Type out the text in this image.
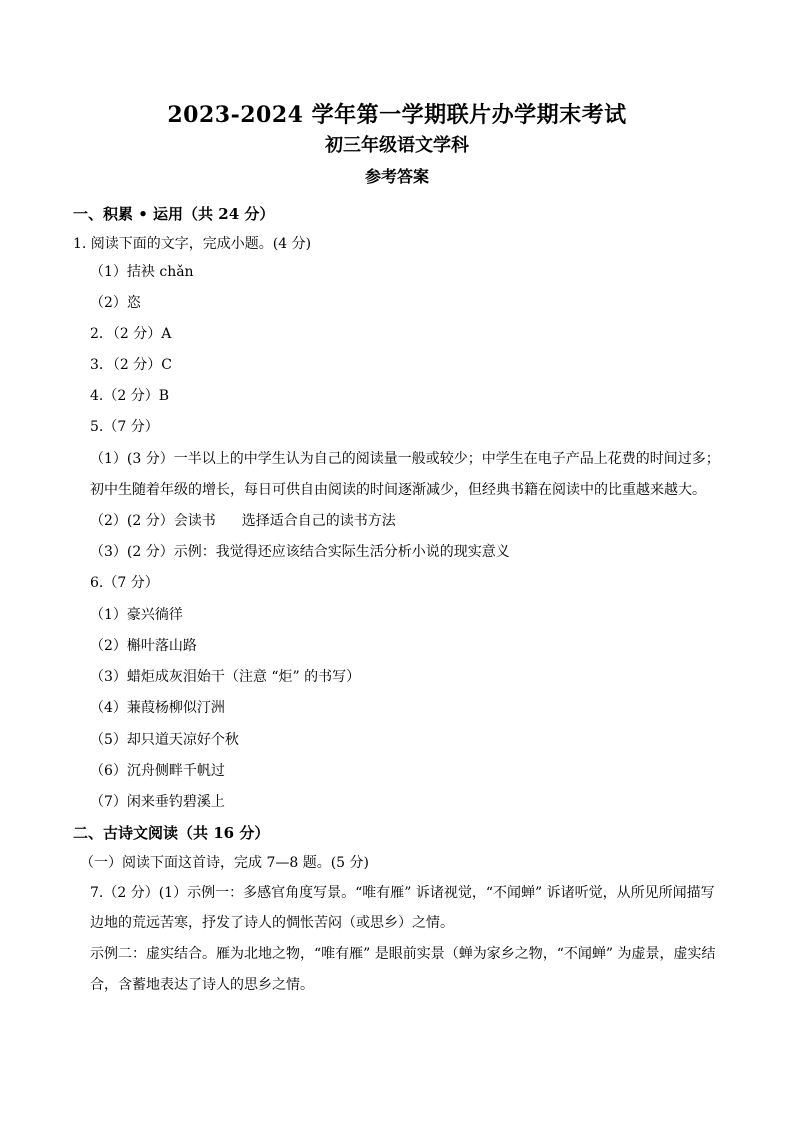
2023-2024 学年第一学期联片办学期末考试
初三年级语文学科
参考答案
一、积累 • 运用（共 24 分）
1. 阅读下面的文字，完成小题。(4 分)
（1）拮袂 chǎn
（2）恣
2．（2 分）A
3．（2 分）C
4.（2 分）B
5.（7 分）
（1）(3 分）一半以上的中学生认为自己的阅读量一般或较少；中学生在电子产品上花费的时间过多；
初中生随着年级的增长，每日可供自由阅读的时间逐渐减少，但经典书籍在阅读中的比重越来越大。
（2）(2 分）会读书 选择适合自己的读书方法
（3）(2 分）示例：我觉得还应该结合实际生活分析小说的现实意义
6.（7 分）
（1）豪兴徜徉
（2）槲叶落山路
（3）蜡炬成灰泪始干（注意 “炬” 的书写）
（4）蒹葭杨柳似汀洲
（5）却只道天凉好个秋
（6）沉舟侧畔千帆过
（7）闲来垂钓碧溪上
二、古诗文阅读（共 16 分）
（一）阅读下面这首诗，完成 7—8 题。(5 分)
7.（2 分）(1）示例一：多感官角度写景。“唯有雁” 诉诸视觉，“不闻蝉” 诉诸听觉，从所见所闻描写
边地的荒远苦寒，抒发了诗人的惆怅苦闷（或思乡）之情。
示例二：虚实结合。雁为北地之物，“唯有雁” 是眼前实景（蝉为家乡之物，“不闻蝉” 为虚景，虚实结
合，含蓄地表达了诗人的思乡之情。
